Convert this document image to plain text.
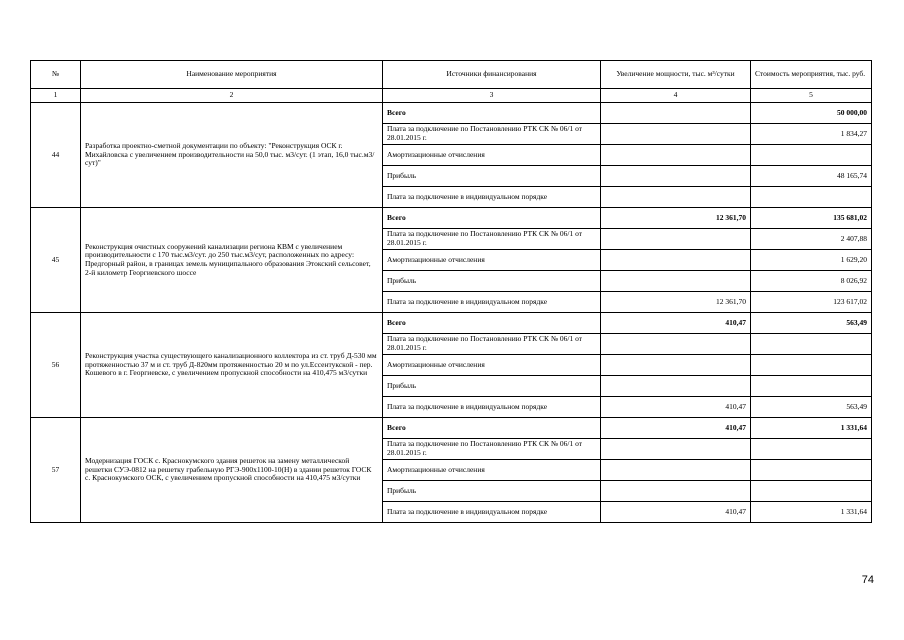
№	Наименование мероприятия	Источники финансирования	Увеличение мощности, тыс. м³/сутки	Стоимость мероприятия, тыс. руб.
1	2	3	4	5
44	Разработка проектно-сметной документации по объекту: "Реконструкция ОСК г. Михайловска с увеличением производительности на 50,0 тыс. м3/сут. (1 этап, 16,0 тыс.м3/сут)"	Всего		50 000,00
		Плата за подключение по Постановлению РТК СК № 06/1 от 28.01.2015 г.		1 834,27
		Амортизационные отчисления		
		Прибыль		48 165,74
		Плата за подключение в индивидуальном порядке		
45	Реконструкция очистных сооружений канализации региона КВМ с увеличением производительности с 170 тыс.м3/сут. до 250 тыс.м3/сут, расположенных по адресу: Предгорный район, в границах земель муниципального образования Этокский сельсовет, 2-й километр Георгиевского шоссе	Всего	12 361,70	135 681,02
		Плата за подключение по Постановлению РТК СК № 06/1 от 28.01.2015 г.		2 407,88
		Амортизационные отчисления		1 629,20
		Прибыль		8 026,92
		Плата за подключение в индивидуальном порядке	12 361,70	123 617,02
56	Реконструкция участка существующего канализационного коллектора из ст. труб Д-530 мм протяженностью 37 м и ст. труб Д-820мм протяженностью 20 м по ул.Ессентукской - пер. Кошевого в г. Георгиевске, с увеличением пропускной способности на 410,475 м3/сутки	Всего	410,47	563,49
		Плата за подключение по Постановлению РТК СК № 06/1 от 28.01.2015 г.		
		Амортизационные отчисления		
		Прибыль		
		Плата за подключение в индивидуальном порядке	410,47	563,49
57	Модернизация ГОСК с. Краснокумского здания решеток на замену металлической решетки СУЭ-0812 на решетку грабельную РГЭ-900х1100-10(Н) в здании решеток ГОСК с. Краснокумского ОСК, с увеличением пропускной способности на 410,475 м3/сутки	Всего	410,47	1 331,64
		Плата за подключение по Постановлению РТК СК № 06/1 от 28.01.2015 г.		
		Амортизационные отчисления		
		Прибыль		
		Плата за подключение в индивидуальном порядке	410,47	1 331,64
74
